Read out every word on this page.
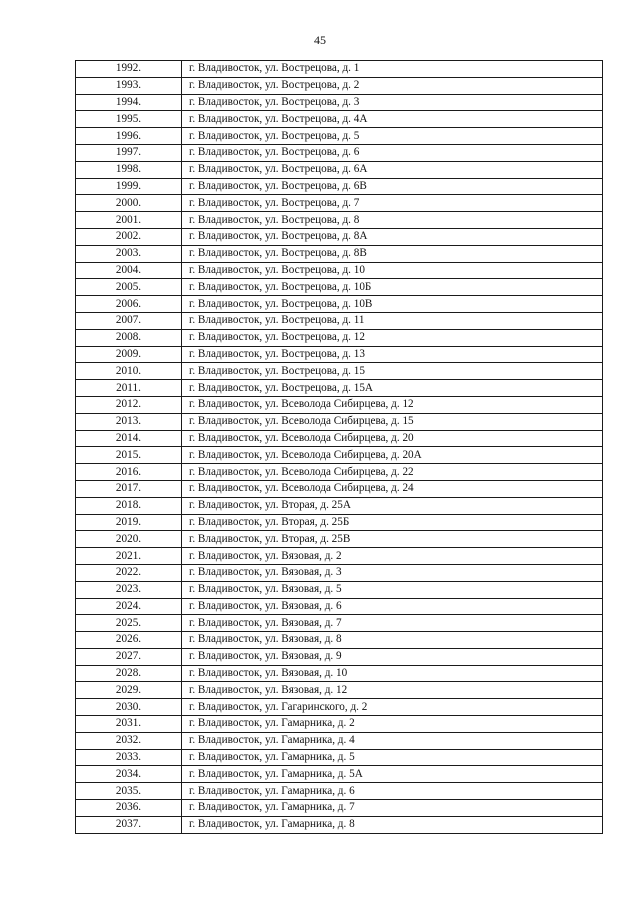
45
1992.	г. Владивосток, ул. Вострецова, д. 1
1993.	г. Владивосток, ул. Вострецова, д. 2
1994.	г. Владивосток, ул. Вострецова, д. 3
1995.	г. Владивосток, ул. Вострецова, д. 4А
1996.	г. Владивосток, ул. Вострецова, д. 5
1997.	г. Владивосток, ул. Вострецова, д. 6
1998.	г. Владивосток, ул. Вострецова, д. 6А
1999.	г. Владивосток, ул. Вострецова, д. 6В
2000.	г. Владивосток, ул. Вострецова, д. 7
2001.	г. Владивосток, ул. Вострецова, д. 8
2002.	г. Владивосток, ул. Вострецова, д. 8А
2003.	г. Владивосток, ул. Вострецова, д. 8В
2004.	г. Владивосток, ул. Вострецова, д. 10
2005.	г. Владивосток, ул. Вострецова, д. 10Б
2006.	г. Владивосток, ул. Вострецова, д. 10В
2007.	г. Владивосток, ул. Вострецова, д. 11
2008.	г. Владивосток, ул. Вострецова, д. 12
2009.	г. Владивосток, ул. Вострецова, д. 13
2010.	г. Владивосток, ул. Вострецова, д. 15
2011.	г. Владивосток, ул. Вострецова, д. 15А
2012.	г. Владивосток, ул. Всеволода Сибирцева, д. 12
2013.	г. Владивосток, ул. Всеволода Сибирцева, д. 15
2014.	г. Владивосток, ул. Всеволода Сибирцева, д. 20
2015.	г. Владивосток, ул. Всеволода Сибирцева, д. 20А
2016.	г. Владивосток, ул. Всеволода Сибирцева, д. 22
2017.	г. Владивосток, ул. Всеволода Сибирцева, д. 24
2018.	г. Владивосток, ул. Вторая, д. 25А
2019.	г. Владивосток, ул. Вторая, д. 25Б
2020.	г. Владивосток, ул. Вторая, д. 25В
2021.	г. Владивосток, ул. Вязовая, д. 2
2022.	г. Владивосток, ул. Вязовая, д. 3
2023.	г. Владивосток, ул. Вязовая, д. 5
2024.	г. Владивосток, ул. Вязовая, д. 6
2025.	г. Владивосток, ул. Вязовая, д. 7
2026.	г. Владивосток, ул. Вязовая, д. 8
2027.	г. Владивосток, ул. Вязовая, д. 9
2028.	г. Владивосток, ул. Вязовая, д. 10
2029.	г. Владивосток, ул. Вязовая, д. 12
2030.	г. Владивосток, ул. Гагаринского, д. 2
2031.	г. Владивосток, ул. Гамарника, д. 2
2032.	г. Владивосток, ул. Гамарника, д. 4
2033.	г. Владивосток, ул. Гамарника, д. 5
2034.	г. Владивосток, ул. Гамарника, д. 5А
2035.	г. Владивосток, ул. Гамарника, д. 6
2036.	г. Владивосток, ул. Гамарника, д. 7
2037.	г. Владивосток, ул. Гамарника, д. 8
